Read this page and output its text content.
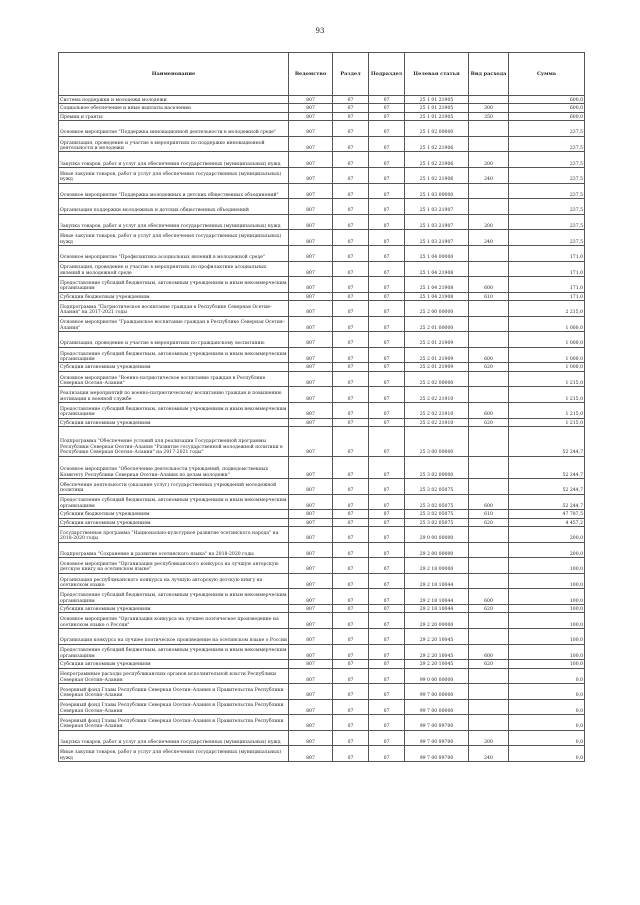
93
Наименование	Ведомство	Раздел	Подраздел	Целевая статья	Вид расхода	Сумма
Система поддержки и молодежи молодежи	807	07	07	25 1 01 21905		600,0
Социальное обеспечение и иные выплаты населению	807	07	07	25 1 01 21905	300	600,0
Премии и гранты	807	07	07	25 1 01 21905	350	600,0
Основное мероприятие "Поддержка инновационной деятельности в молодежной среде"	807	07	07	25 1 02 00000		237,5
Организация, проведение и участие в мероприятиях по поддержке инновационной деятельности и молодежи	807	07	07	25 1 02 21906		237,5
Закупка товаров, работ и услуг для обеспечения государственных (муниципальных) нужд	807	07	07	25 1 02 21906	200	237,5
Иные закупки товаров, работ и услуг для обеспечения государственных (муниципальных) нужд	807	07	07	25 1 02 21906	240	237,5
Основное мероприятие "Поддержка молодежных и детских общественных объединений"	807	07	07	25 1 03 00000		237,5
Организация поддержки молодежных и детских общественных объединений	807	07	07	25 1 03 21907		237,5
Закупка товаров, работ и услуг для обеспечения государственных (муниципальных) нужд	807	07	07	25 1 03 21907	200	237,5
Иные закупки товаров, работ и услуг для обеспечения государственных (муниципальных) нужд	807	07	07	25 1 03 21907	240	237,5
Основное мероприятие "Профилактика асоциальных явлений в молодежной среде"	807	07	07	25 1 04 00000		171,0
Организация, проведение и участие в мероприятиях по профилактике асоциальных явлений в молодежной среде	807	07	07	25 1 04 21908		171,0
Предоставление субсидий бюджетным, автономным учреждениям и иным некоммерческим организациям	807	07	07	25 1 04 21908	600	171,0
Субсидии бюджетным учреждениям	807	07	07	25 1 04 21908	610	171,0
Подпрограмма "Патриотическое воспитание граждан в Республике Северная Осетия–Алания" на 2017-2021 годы	807	07	07	25 2 00 00000		2 215,0
Основное мероприятие "Гражданское воспитание граждан в Республике Северная Осетия–Алания"	807	07	07	25 2 01 00000		1 000,0
Организация, проведение и участие в мероприятиях по гражданскому воспитанию	807	07	07	25 2 01 21909		1 000,0
Предоставление субсидий бюджетным, автономным учреждениям и иным некоммерческим организациям	807	07	07	25 2 01 21909	600	1 000,0
Субсидии автономным учреждениям	807	07	07	25 2 01 21909	620	1 000,0
Основное мероприятие "Военно-патриотическое воспитание граждан в Республике Северная Осетия–Алания"	807	07	07	25 2 02 00000		1 215,0
Реализация мероприятий по военно-патриотическому воспитанию граждан и повышению мотивации к военной службе	807	07	07	25 2 02 21910		1 215,0
Предоставление субсидий бюджетным, автономным учреждениям и иным некоммерческим организациям	807	07	07	25 2 02 21910	600	1 215,0
Субсидии автономным учреждениям	807	07	07	25 2 02 21910	620	1 215,0
Подпрограмма "Обеспечение условий для реализации Государственной программы Республики Северная Осетия–Алания "Развитие государственной молодежной политики в Республике Северная Осетия–Алания" на 2017-2021 годы"	807	07	07	25 3 00 00000		52 244,7
Основное мероприятие "Обеспечение деятельности учреждений, подведомственных Комитету Республики Северная Осетия–Алания по делам молодежи"	807	07	07	25 3 02 00000		52 244,7
Обеспечение деятельности (оказание услуг) государственных учреждений молодежной политики	807	07	07	25 3 02 05075		52 244,7
Предоставление субсидий бюджетным, автономным учреждениям и иным некоммерческим организациям	807	07	07	25 3 02 05075	600	52 244,7
Субсидии бюджетным учреждениям	807	07	07	25 3 02 05075	610	47 787,5
Субсидии автономным учреждениям	807	07	07	25 3 02 05075	620	4 457,2
Государственная программа "Национально-культурное развитие осетинского народа" на 2018-2020 годы	807	07	07	29 0 00 00000		200,0
Подпрограмма "Сохранение и развитие осетинского языка" на 2018-2020 годы	807	07	07	29 2 00 00000		200,0
Основное мероприятие "Организация республиканского конкурса на лучшую авторскую детскую книгу на осетинском языке"	807	07	07	29 2 18 00000		100,0
Организация республиканского конкурса на лучшую авторскую детскую книгу на осетинском языке	807	07	07	29 2 18 10044		100,0
Предоставление субсидий бюджетным, автономным учреждениям и иным некоммерческим организациям	807	07	07	29 2 18 10044	600	100,0
Субсидии автономным учреждениям	807	07	07	29 2 18 10044	620	100,0
Основное мероприятие "Организация конкурса на лучшее поэтическое произведение на осетинском языке о России"	807	07	07	29 2 20 00000		100,0
Организация конкурса на лучшее поэтическое произведение на осетинском языке о России	807	07	07	29 2 20 10045		100,0
Предоставление субсидий бюджетным, автономным учреждениям и иным некоммерческим организациям	807	07	07	29 2 20 10045	600	100,0
Субсидии автономным учреждениям	807	07	07	29 2 20 10045	620	100,0
Непрограммные расходы республиканских органов исполнительной власти Республики Северная Осетия–Алания	807	07	07	99 0 00 00000		0,0
Резервный фонд Главы Республики Северная Осетия–Алания и Правительства Республики Северная Осетия–Алания	807	07	07	99 7 00 00000		0,0
Резервный фонд Главы Республики Северная Осетия–Алания и Правительства Республики Северная Осетия–Алания	807	07	07	99 7 00 00000		0,0
Резервный фонд Главы Республики Северная Осетия–Алания и Правительства Республики Северная Осетия–Алания	807	07	07	99 7 00 99700		0,0
Закупка товаров, работ и услуг для обеспечения государственных (муниципальных) нужд	807	07	07	99 7 00 99700	200	0,0
Иные закупки товаров, работ и услуг для обеспечения государственных (муниципальных) нужд	807	07	07	99 7 00 99700	240	0,0
